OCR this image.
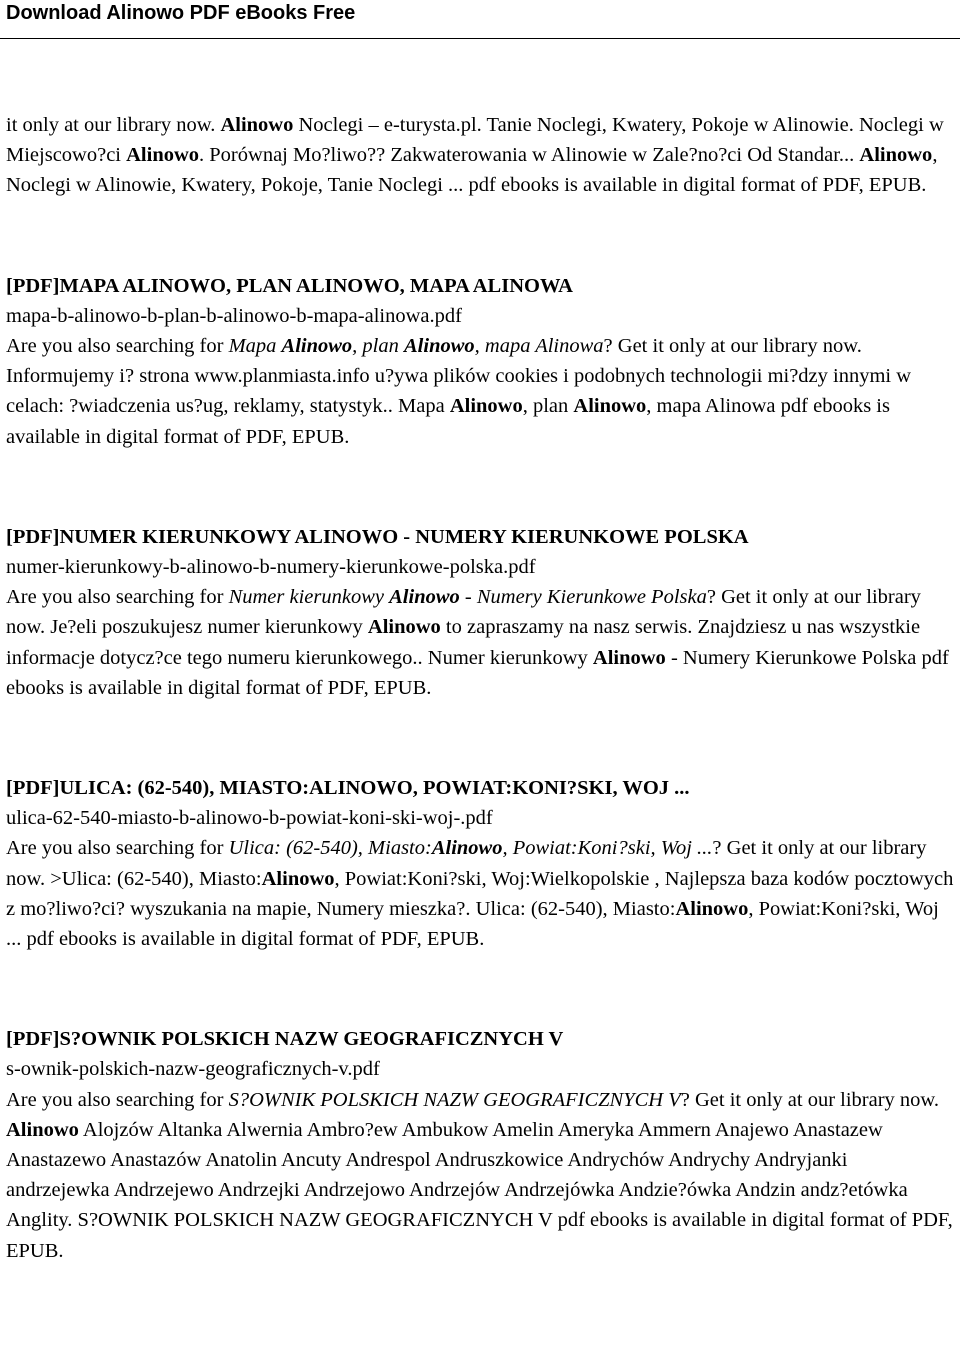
Download Alinowo PDF eBooks Free

it only at our library now. Alinowo Noclegi – e-turysta.pl. Tanie Noclegi, Kwatery, Pokoje w Alinowie. Noclegi w Miejscowo?ci Alinowo. Porównaj Mo?liwo?? Zakwaterowania w Alinowie w Zale?no?ci Od Standar... Alinowo, Noclegi w Alinowie, Kwatery, Pokoje, Tanie Noclegi ... pdf ebooks is available in digital format of PDF, EPUB.

[PDF]MAPA ALINOWO, PLAN ALINOWO, MAPA ALINOWA

mapa-b-alinowo-b-plan-b-alinowo-b-mapa-alinowa.pdf

Are you also searching for Mapa Alinowo, plan Alinowo, mapa Alinowa? Get it only at our library now. Informujemy i? strona www.planmiasta.info u?ywa plików cookies i podobnych technologii mi?dzy innymi w celach: ?wiadczenia us?ug, reklamy, statystyk.. Mapa Alinowo, plan Alinowo, mapa Alinowa pdf ebooks is available in digital format of PDF, EPUB.

[PDF]NUMER KIERUNKOWY ALINOWO - NUMERY KIERUNKOWE POLSKA

numer-kierunkowy-b-alinowo-b-numery-kierunkowe-polska.pdf

Are you also searching for Numer kierunkowy Alinowo - Numery Kierunkowe Polska? Get it only at our library now. Je?eli poszukujesz numer kierunkowy Alinowo to zapraszamy na nasz serwis. Znajdziesz u nas wszystkie informacje dotycz?ce tego numeru kierunkowego.. Numer kierunkowy Alinowo - Numery Kierunkowe Polska pdf ebooks is available in digital format of PDF, EPUB.

[PDF]ULICA: (62-540), MIASTO:ALINOWO, POWIAT:KONI?SKI, WOJ ...

ulica-62-540-miasto-b-alinowo-b-powiat-koni-ski-woj-.pdf

Are you also searching for Ulica: (62-540), Miasto:Alinowo, Powiat:Koni?ski, Woj ...? Get it only at our library now. >Ulica: (62-540), Miasto:Alinowo, Powiat:Koni?ski, Woj:Wielkopolskie , Najlepsza baza kodów pocztowych z mo?liwo?ci? wyszukania na mapie, Numery mieszka?. Ulica: (62-540), Miasto:Alinowo, Powiat:Koni?ski, Woj ... pdf ebooks is available in digital format of PDF, EPUB.

[PDF]S?OWNIK POLSKICH NAZW GEOGRAFICZNYCH V

s-ownik-polskich-nazw-geograficznych-v.pdf

Are you also searching for S?OWNIK POLSKICH NAZW GEOGRAFICZNYCH V? Get it only at our library now. Alinowo Alojzów Altanka Alwernia Ambro?ew Ambukow Amelin Ameryka Ammern Anajewo Anastazew Anastazewo Anastazów Anatolin Ancuty Andrespol Andruszkowice Andrychów Andrychy Andryjanki andrzejewka Andrzejewo Andrzejki Andrzejowo Andrzejów Andrzejówka Andzie?ówka Andzin andz?etówka Anglity. S?OWNIK POLSKICH NAZW GEOGRAFICZNYCH V pdf ebooks is available in digital format of PDF, EPUB.
